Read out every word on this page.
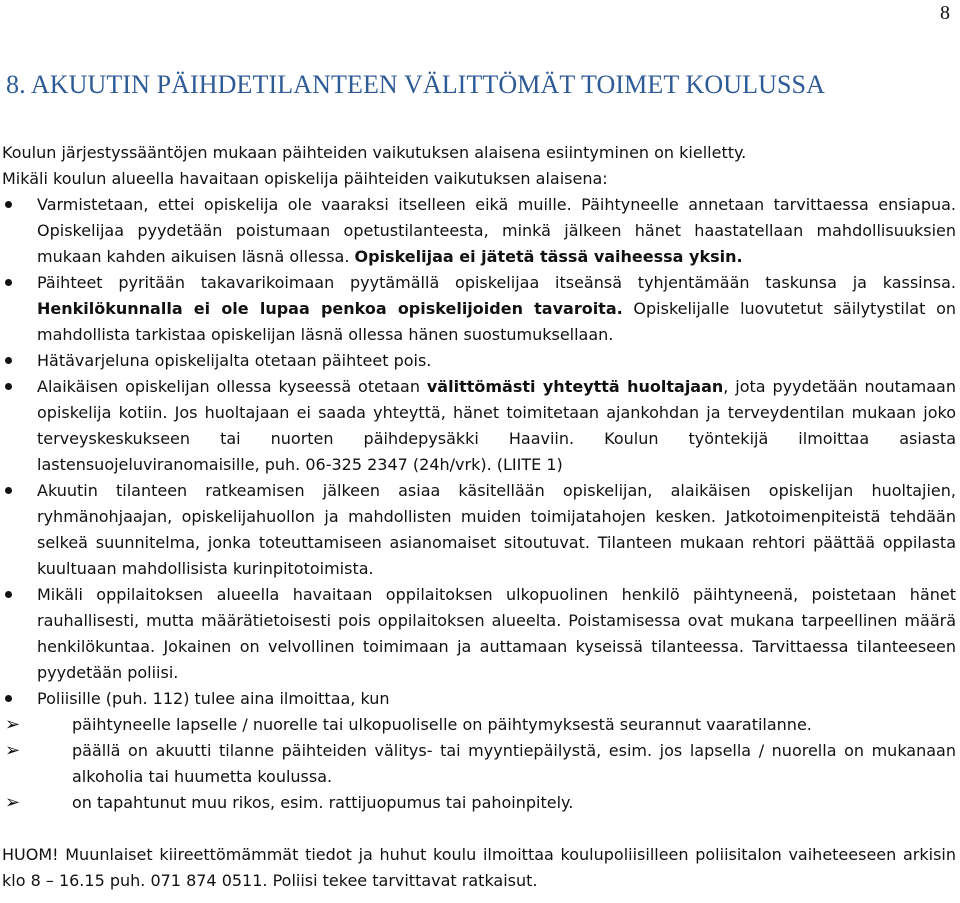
8
8. AKUUTIN PÄIHDETILANTEEN VÄLITTÖMÄT TOIMET KOULUSSA
Koulun järjestyssääntöjen mukaan päihteiden vaikutuksen alaisena esiintyminen on kielletty.
Mikäli koulun alueella havaitaan opiskelija päihteiden vaikutuksen alaisena:
Varmistetaan, ettei opiskelija ole vaaraksi itselleen eikä muille. Päihtyneelle annetaan tarvittaessa ensiapua. Opiskelijaa pyydetään poistumaan opetustilanteesta, minkä jälkeen hänet haastatellaan mahdollisuuksien mukaan kahden aikuisen läsnä ollessa. Opiskelijaa ei jätetä tässä vaiheessa yksin.
Päihteet pyritään takavarikoimaan pyytämällä opiskelijaa itseänsä tyhjentämään taskunsa ja kassinsa. Henkilökunnalla ei ole lupaa penkoa opiskelijoiden tavaroita. Opiskelijalle luovutetut säilytystilat on mahdollista tarkistaa opiskelijan läsnä ollessa hänen suostumuksellaan.
Hätävarjeluna opiskelijalta otetaan päihteet pois.
Alaikäisen opiskelijan ollessa kyseessä otetaan välittömästi yhteyttä huoltajaan, jota pyydetään noutamaan opiskelija kotiin. Jos huoltajaan ei saada yhteyttä, hänet toimitetaan ajankohdan ja terveydentilan mukaan joko terveyskeskukseen tai nuorten päihdepysäkki Haaviin. Koulun työntekijä ilmoittaa asiasta lastensuojeluviranomaisille, puh. 06-325 2347 (24h/vrk). (LIITE 1)
Akuutin tilanteen ratkeamisen jälkeen asiaa käsitellään opiskelijan, alaikäisen opiskelijan huoltajien, ryhmänohjaajan, opiskelijahuollon ja mahdollisten muiden toimijatahojen kesken. Jatkotoimenpiteistä tehdään selkeä suunnitelma, jonka toteuttamiseen asianomaiset sitoutuvat. Tilanteen mukaan rehtori päättää oppilasta kuultuaan mahdollisista kurinpitotoimista.
Mikäli oppilaitoksen alueella havaitaan oppilaitoksen ulkopuolinen henkilö päihtyneenä, poistetaan hänet rauhallisesti, mutta määrätietoisesti pois oppilaitoksen alueelta. Poistamisessa ovat mukana tarpeellinen määrä henkilökuntaa. Jokainen on velvollinen toimimaan ja auttamaan kyseissä tilanteessa. Tarvittaessa tilanteeseen pyydetään poliisi.
Poliisille (puh. 112) tulee aina ilmoittaa, kun
➢	päihtyneelle lapselle / nuorelle tai ulkopuoliselle on päihtymyksestä seurannut vaaratilanne.
➢	päällä on akuutti tilanne päihteiden välitys- tai myyntiepäilystä, esim. jos lapsella / nuorella on mukanaan alkoholia tai huumetta koulussa.
➢	on tapahtunut muu rikos, esim. rattijuopumus tai pahoinpitely.
HUOM! Muunlaiset kiireettömämmät tiedot ja huhut koulu ilmoittaa koulupoliisilleen poliisitalon vaiheteeseen arkisin klo 8 – 16.15 puh. 071 874 0511. Poliisi tekee tarvittavat ratkaisut.
